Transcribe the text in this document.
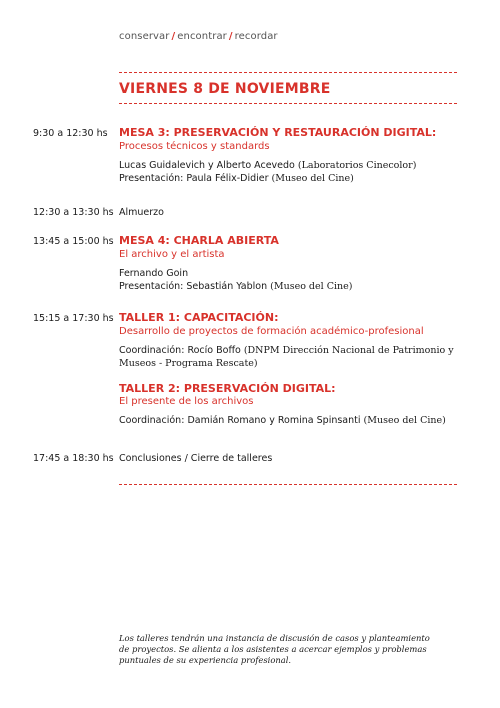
conservar / encontrar / recordar
VIERNES 8 DE NOVIEMBRE
9:30 a 12:30 hs MESA 3: PRESERVACIÓN Y RESTAURACIÓN DIGITAL:
Procesos técnicos y standards
Lucas Guidalevich y Alberto Acevedo (Laboratorios Cinecolor)
Presentación: Paula Félix-Didier (Museo del Cine)
12:30 a 13:30 hs Almuerzo
13:45 a 15:00 hs MESA 4: CHARLA ABIERTA
El archivo y el artista
Fernando Goin
Presentación: Sebastián Yablon (Museo del Cine)
15:15 a 17:30 hs TALLER 1: CAPACITACIÓN:
Desarrollo de proyectos de formación académico-profesional
Coordinación: Rocío Boffo (DNPM Dirección Nacional de Patrimonio y Museos - Programa Rescate)
TALLER 2: PRESERVACIÓN DIGITAL:
El presente de los archivos
Coordinación: Damián Romano y Romina Spinsanti (Museo del Cine)
17:45 a 18:30 hs Conclusiones / Cierre de talleres
Los talleres tendrán una instancia de discusión de casos y planteamiento de proyectos. Se alienta a los asistentes a acercar ejemplos y problemas puntuales de su experiencia profesional.
